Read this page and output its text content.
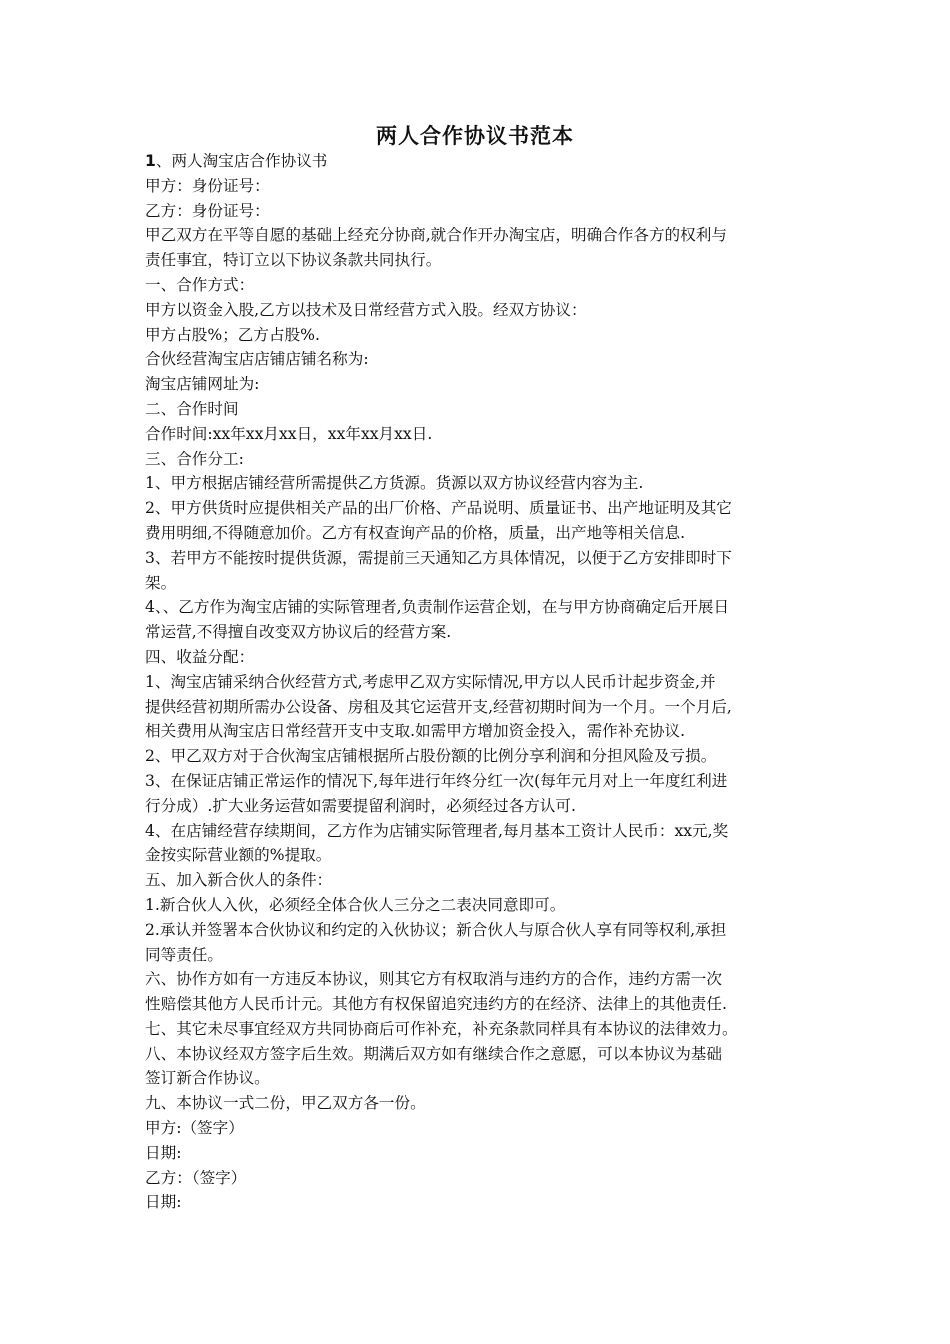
两人合作协议书范本
1、两人淘宝店合作协议书
甲方：身份证号：
乙方：身份证号：
甲乙双方在平等自愿的基础上经充分协商,就合作开办淘宝店，明确合作各方的权利与
责任事宜，特订立以下协议条款共同执行。
一、合作方式：
甲方以资金入股,乙方以技术及日常经营方式入股。经双方协议：
甲方占股%；乙方占股%.
合伙经营淘宝店店铺店铺名称为:
淘宝店铺网址为:
二、合作时间
合作时间:xx年xx月xx日，xx年xx月xx日.
三、合作分工:
1、甲方根据店铺经营所需提供乙方货源。货源以双方协议经营内容为主.
2、甲方供货时应提供相关产品的出厂价格、产品说明、质量证书、出产地证明及其它
费用明细,不得随意加价。乙方有权查询产品的价格，质量，出产地等相关信息.
3、若甲方不能按时提供货源，需提前三天通知乙方具体情况，以便于乙方安排即时下
架。
4、、乙方作为淘宝店铺的实际管理者,负责制作运营企划，在与甲方协商确定后开展日
常运营,不得擅自改变双方协议后的经营方案.
四、收益分配：
1、淘宝店铺采纳合伙经营方式,考虑甲乙双方实际情况,甲方以人民币计起步资金,并
提供经营初期所需办公设备、房租及其它运营开支,经营初期时间为一个月。一个月后,
相关费用从淘宝店日常经营开支中支取.如需甲方增加资金投入，需作补充协议.
2、甲乙双方对于合伙淘宝店铺根据所占股份额的比例分享利润和分担风险及亏损。
3、在保证店铺正常运作的情况下,每年进行年终分红一次(每年元月对上一年度红利进
行分成）.扩大业务运营如需要提留利润时，必须经过各方认可.
4、在店铺经营存续期间，乙方作为店铺实际管理者,每月基本工资计人民币：xx元,奖
金按实际营业额的%提取。
五、加入新合伙人的条件：
1.新合伙人入伙，必须经全体合伙人三分之二表决同意即可。
2.承认并签署本合伙协议和约定的入伙协议；新合伙人与原合伙人享有同等权利,承担
同等责任。
六、协作方如有一方违反本协议，则其它方有权取消与违约方的合作，违约方需一次
性赔偿其他方人民币计元。其他方有权保留追究违约方的在经济、法律上的其他责任.
七、其它未尽事宜经双方共同协商后可作补充，补充条款同样具有本协议的法律效力。
八、本协议经双方签字后生效。期满后双方如有继续合作之意愿，可以本协议为基础
签订新合作协议。
九、本协议一式二份，甲乙双方各一份。
甲方:（签字）
日期:
乙方：（签字）
日期:
